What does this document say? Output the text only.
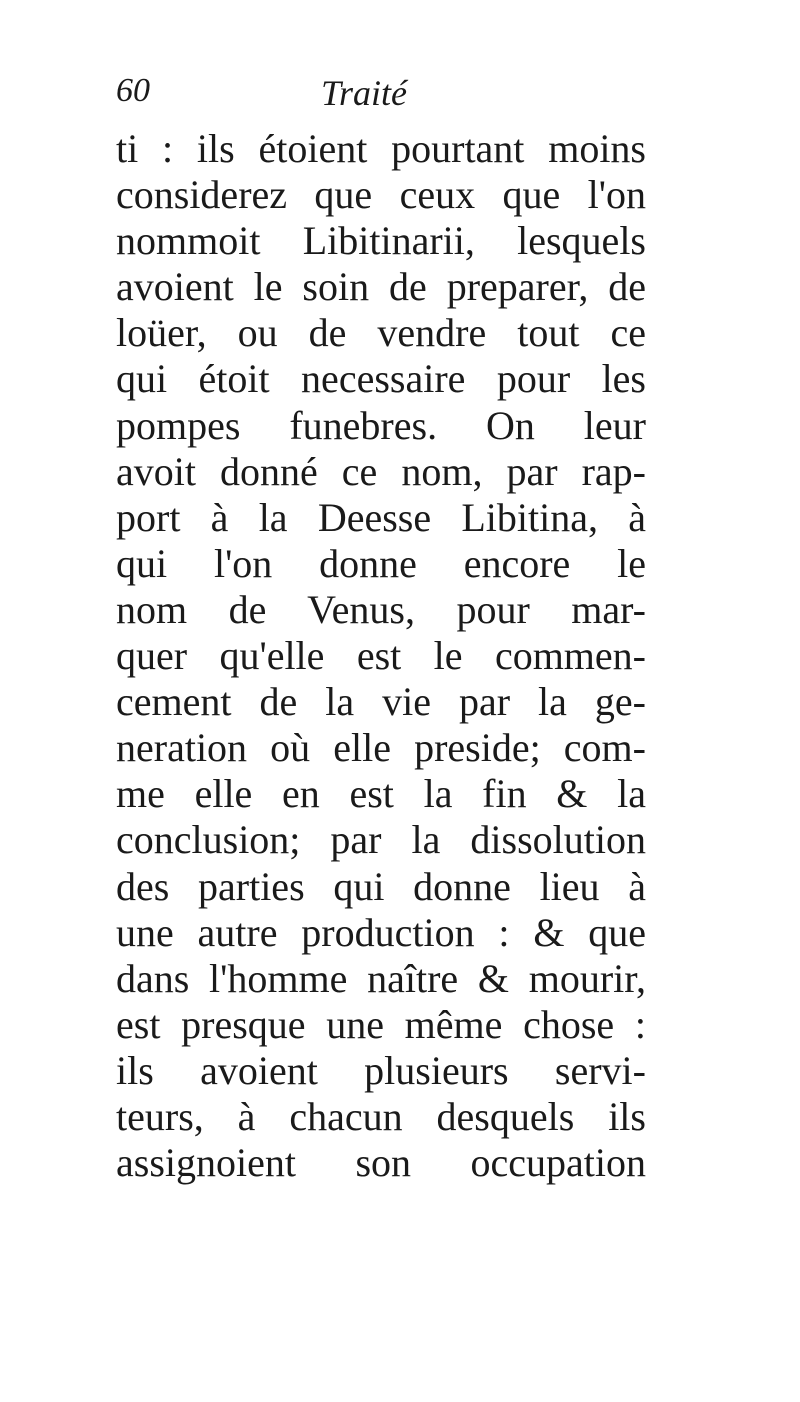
60	Traité
ti : ils étoient pourtant moins
considerez que ceux que l'on
nommoit Libitinarii, lesquels
avoient le soin de preparer, de
loüer, ou de vendre tout ce
qui étoit necessaire pour les
pompes funebres. On leur
avoit donné ce nom, par rap-
port à la Deesse Libitina, à
qui l'on donne encore le
nom de Venus, pour mar-
quer qu'elle est le commen-
cement de la vie par la ge-
neration où elle preside; com-
me elle en est la fin & la
conclusion; par la dissolution
des parties qui donne lieu à
une autre production : & que
dans l'homme naître & mourir,
est presque une même chose :
ils avoient plusieurs servi-
teurs, à chacun desquels ils
assignoient son occupation
